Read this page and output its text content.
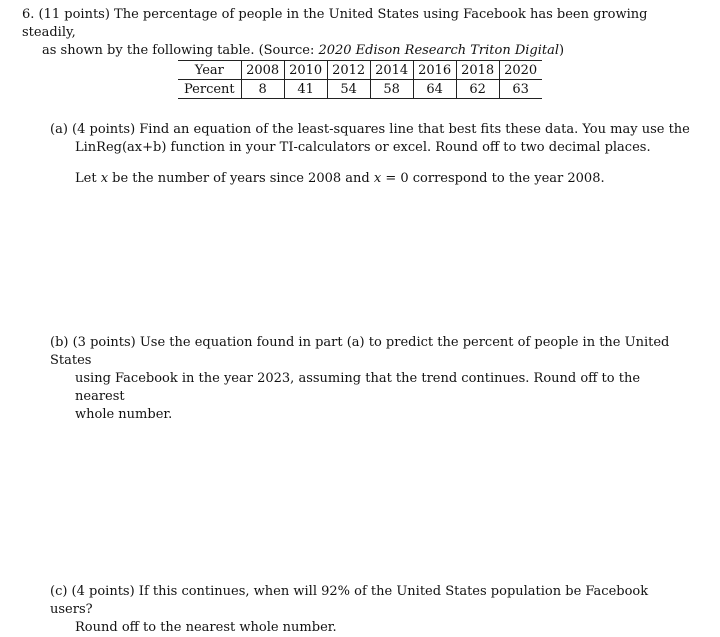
6. (11 points) The percentage of people in the United States using Facebook has been growing steadily,
as shown by the following table. (Source: 2020 Edison Research Triton Digital)
Year	2008	2010	2012	2014	2016	2018	2020
Percent	8	41	54	58	64	62	63
(a) (4 points) Find an equation of the least-squares line that best fits these data. You may use the
LinReg(ax+b) function in your TI-calculators or excel. Round off to two decimal places.
Let x be the number of years since 2008 and x = 0 correspond to the year 2008.
(b) (3 points) Use the equation found in part (a) to predict the percent of people in the United States
using Facebook in the year 2023, assuming that the trend continues. Round off to the nearest
whole number.
(c) (4 points) If this continues, when will 92% of the United States population be Facebook users?
Round off to the nearest whole number.
